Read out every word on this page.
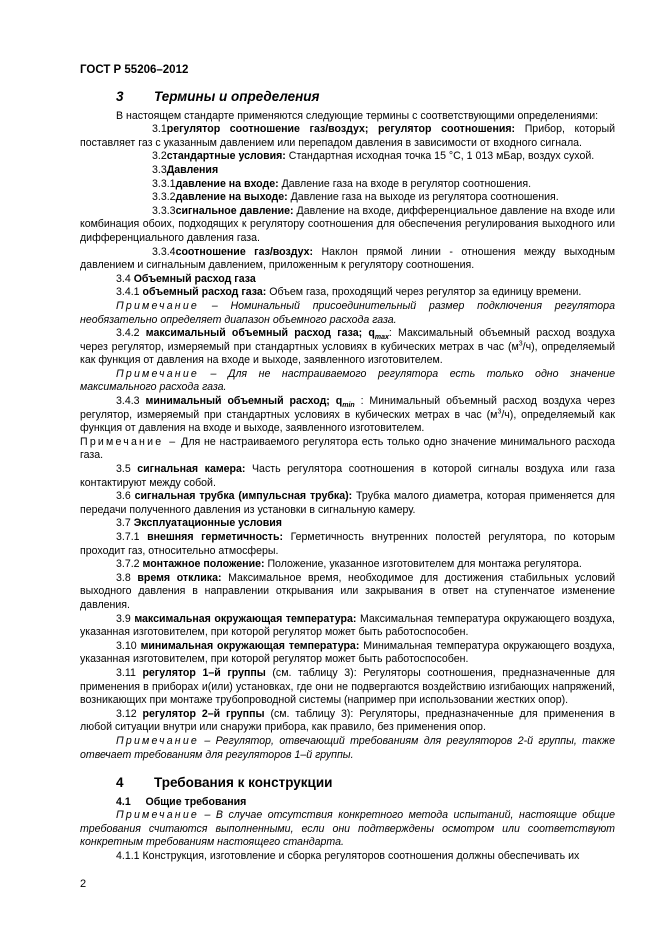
ГОСТ Р 55206–2012

3 Термины и определения

В настоящем стандарте применяются следующие термины с соответствующими определениями:

3.1регулятор соотношение газ/воздух; регулятор соотношения: Прибор, который поставляет газ с указанным давлением или перепадом давления в зависимости от входного сигнала.

3.2стандартные условия: Стандартная исходная точка 15 °С, 1 013 мБар, воздух сухой.

3.3Давления

3.3.1давление на входе: Давление газа на входе в регулятор соотношения.

3.3.2давление на выходе: Давление газа на выходе из регулятора соотношения.

3.3.3сигнальное давление: Давление на входе, дифференциальное давление на входе или комбинация обоих, подходящих к регулятору соотношения для обеспечения регулирования выходного или дифференциального давления газа.

3.3.4соотношение газ/воздух: Наклон прямой линии - отношения между выходным давлением и сигнальным давлением, приложенным к регулятору соотношения.

3.4 Объемный расход газа

3.4.1 объемный расход газа: Объем газа, проходящий через регулятор за единицу времени.

Примечание – Номинальный присоединительный размер подключения регулятора необязательно определяет диапазон объемного расхода газа.

3.4.2 максимальный объемный расход газа; $q_{max}$: Максимальный объемный расход воздуха через регулятор, измеряемый при стандартных условиях в кубических метрах в час $(м^3/ч)$, определяемый как функция от давления на входе и выходе, заявленного изготовителем.

Примечание – Для не настраиваемого регулятора есть только одно значение максимального расхода газа.

3.4.3 минимальный объемный расход; $q_{min}$ : Минимальный объемный расход воздуха через регулятор, измеряемый при стандартных условиях в кубических метрах в час $(м^3/ч)$, определяемый как функция от давления на входе и выходе, заявленного изготовителем.

Примечание – Для не настраиваемого регулятора есть только одно значение минимального расхода газа.

3.5 сигнальная камера: Часть регулятора соотношения в которой сигналы воздуха или газа контактируют между собой.

3.6 сигнальная трубка (импульсная трубка): Трубка малого диаметра, которая применяется для передачи полученного давления из установки в сигнальную камеру.

3.7 Эксплуатационные условия

3.7.1 внешняя герметичность: Герметичность внутренних полостей регулятора, по которым проходит газ, относительно атмосферы.

3.7.2 монтажное положение: Положение, указанное изготовителем для монтажа регулятора.

3.8 время отклика: Максимальное время, необходимое для достижения стабильных условий выходного давления в направлении открывания или закрывания в ответ на ступенчатое изменение давления.

3.9 максимальная окружающая температура: Максимальная температура окружающего воздуха, указанная изготовителем, при которой регулятор может быть работоспособен.

3.10 минимальная окружающая температура: Минимальная температура окружающего воздуха, указанная изготовителем, при которой регулятор может быть работоспособен.

3.11 регулятор 1–й группы (см. таблицу 3): Регуляторы соотношения, предназначенные для применения в приборах и(или) установках, где они не подвергаются воздействию изгибающих напряжений, возникающих при монтаже трубопроводной системы (например при использовании жестких опор).

3.12 регулятор 2–й группы (см. таблицу 3): Регуляторы, предназначенные для применения в любой ситуации внутри или снаружи прибора, как правило, без применения опор.

Примечание – Регулятор, отвечающий требованиям для регуляторов 2-й группы, также отвечает требованиям для регуляторов 1–й группы.

4 Требования к конструкции

4.1 Общие требования

Примечание – В случае отсутствия конкретного метода испытаний, настоящие общие требования считаются выполненными, если они подтверждены осмотром или соответствуют конкретным требованиям настоящего стандарта.

4.1.1 Конструкция, изготовление и сборка регуляторов соотношения должны обеспечивать их

2
